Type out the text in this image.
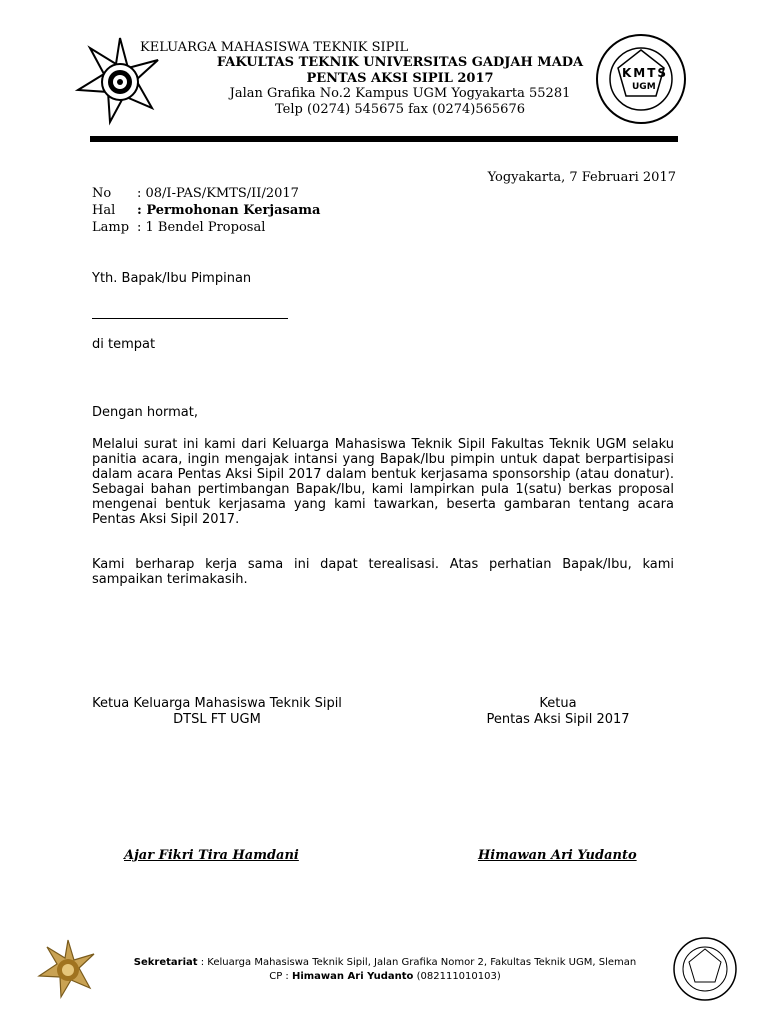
KMTS
UGM
KELUARGA MAHASISWA TEKNIK SIPIL
FAKULTAS TEKNIK UNIVERSITAS GADJAH MADA
PENTAS AKSI SIPIL 2017
Jalan Grafika No.2 Kampus UGM Yogyakarta 55281
Telp (0274) 545675 fax (0274)565676
Yogyakarta, 7 Februari 2017
No : 08/I-PAS/KMTS/II/2017
Hal : Permohonan Kerjasama
Lamp : 1 Bendel Proposal
Yth. Bapak/Ibu Pimpinan
di tempat
Dengan hormat,
Melalui surat ini kami dari Keluarga Mahasiswa Teknik Sipil Fakultas Teknik UGM selaku panitia acara, ingin mengajak intansi yang Bapak/Ibu pimpin untuk dapat berpartisipasi dalam acara Pentas Aksi Sipil 2017 dalam bentuk kerjasama sponsorship (atau donatur). Sebagai bahan pertimbangan Bapak/Ibu, kami lampirkan pula 1(satu) berkas proposal mengenai bentuk kerjasama yang kami tawarkan, beserta gambaran tentang acara Pentas Aksi Sipil 2017.
Kami berharap kerja sama ini dapat terealisasi. Atas perhatian Bapak/Ibu, kami sampaikan terimakasih.
Ketua Keluarga Mahasiswa Teknik Sipil
DTSL FT UGM
Ketua
Pentas Aksi Sipil 2017
Ajar Fikri Tira Hamdani	Himawan Ari Yudanto
Sekretariat : Keluarga Mahasiswa Teknik Sipil, Jalan Grafika Nomor 2, Fakultas Teknik UGM, Sleman
CP : Himawan Ari Yudanto (082111010103)
